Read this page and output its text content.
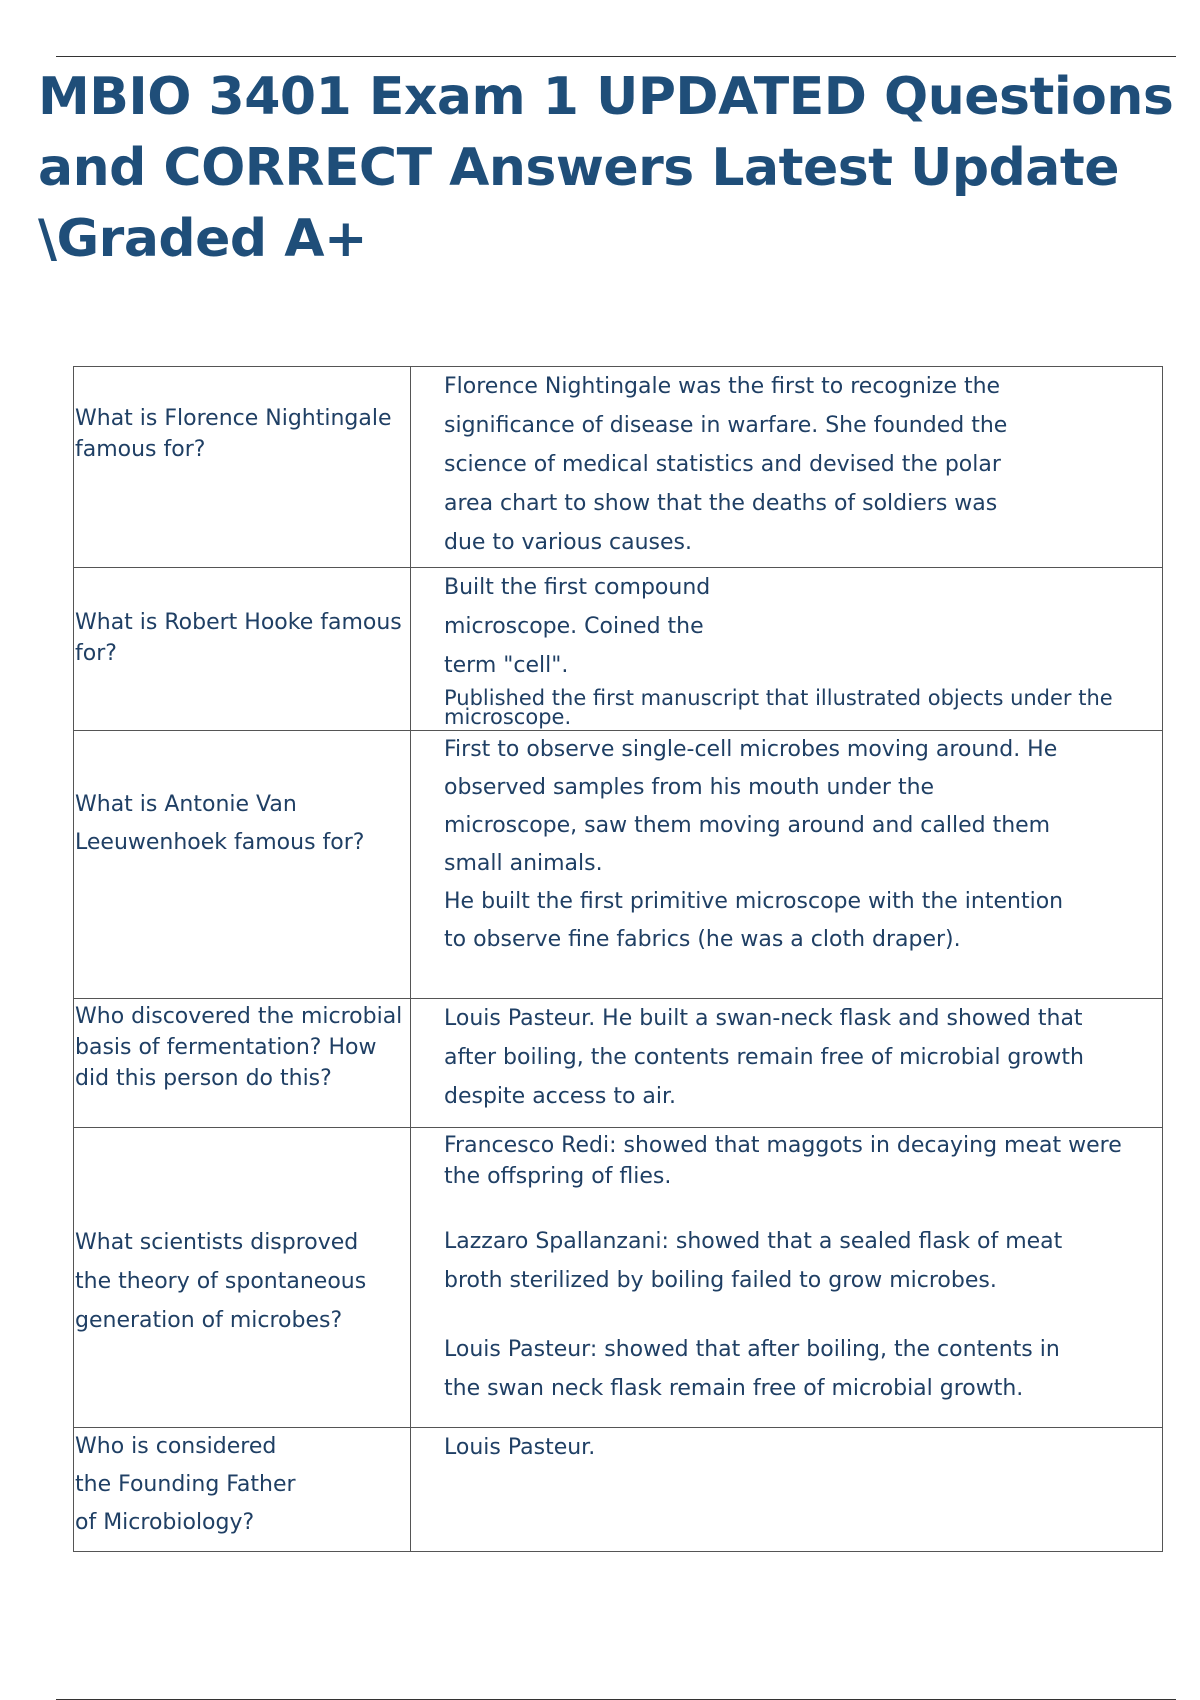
MBIO 3401 Exam 1 UPDATED Questions and CORRECT Answers Latest Update \Graded A+
What is Florence Nightingale famous for?	Florence Nightingale was the first to recognize the significance of disease in warfare. She founded the science of medical statistics and devised the polar area chart to show that the deaths of soldiers was due to various causes.

What is Robert Hooke famous for?	Built the first compound microscope. Coined the term "cell".
Published the first manuscript that illustrated objects under the microscope.

What is Antonie Van Leeuwenhoek famous for?	First to observe single-cell microbes moving around. He observed samples from his mouth under the microscope, saw them moving around and called them small animals.
He built the first primitive microscope with the intention to observe fine fabrics (he was a cloth draper).

Who discovered the microbial basis of fermentation? How did this person do this?	Louis Pasteur. He built a swan-neck flask and showed that after boiling, the contents remain free of microbial growth despite access to air.

What scientists disproved the theory of spontaneous generation of microbes?	Francesco Redi: showed that maggots in decaying meat were the offspring of flies.
Lazzaro Spallanzani: showed that a sealed flask of meat broth sterilized by boiling failed to grow microbes.
Louis Pasteur: showed that after boiling, the contents in the swan neck flask remain free of microbial growth.

Who is considered the Founding Father of Microbiology?	Louis Pasteur.
